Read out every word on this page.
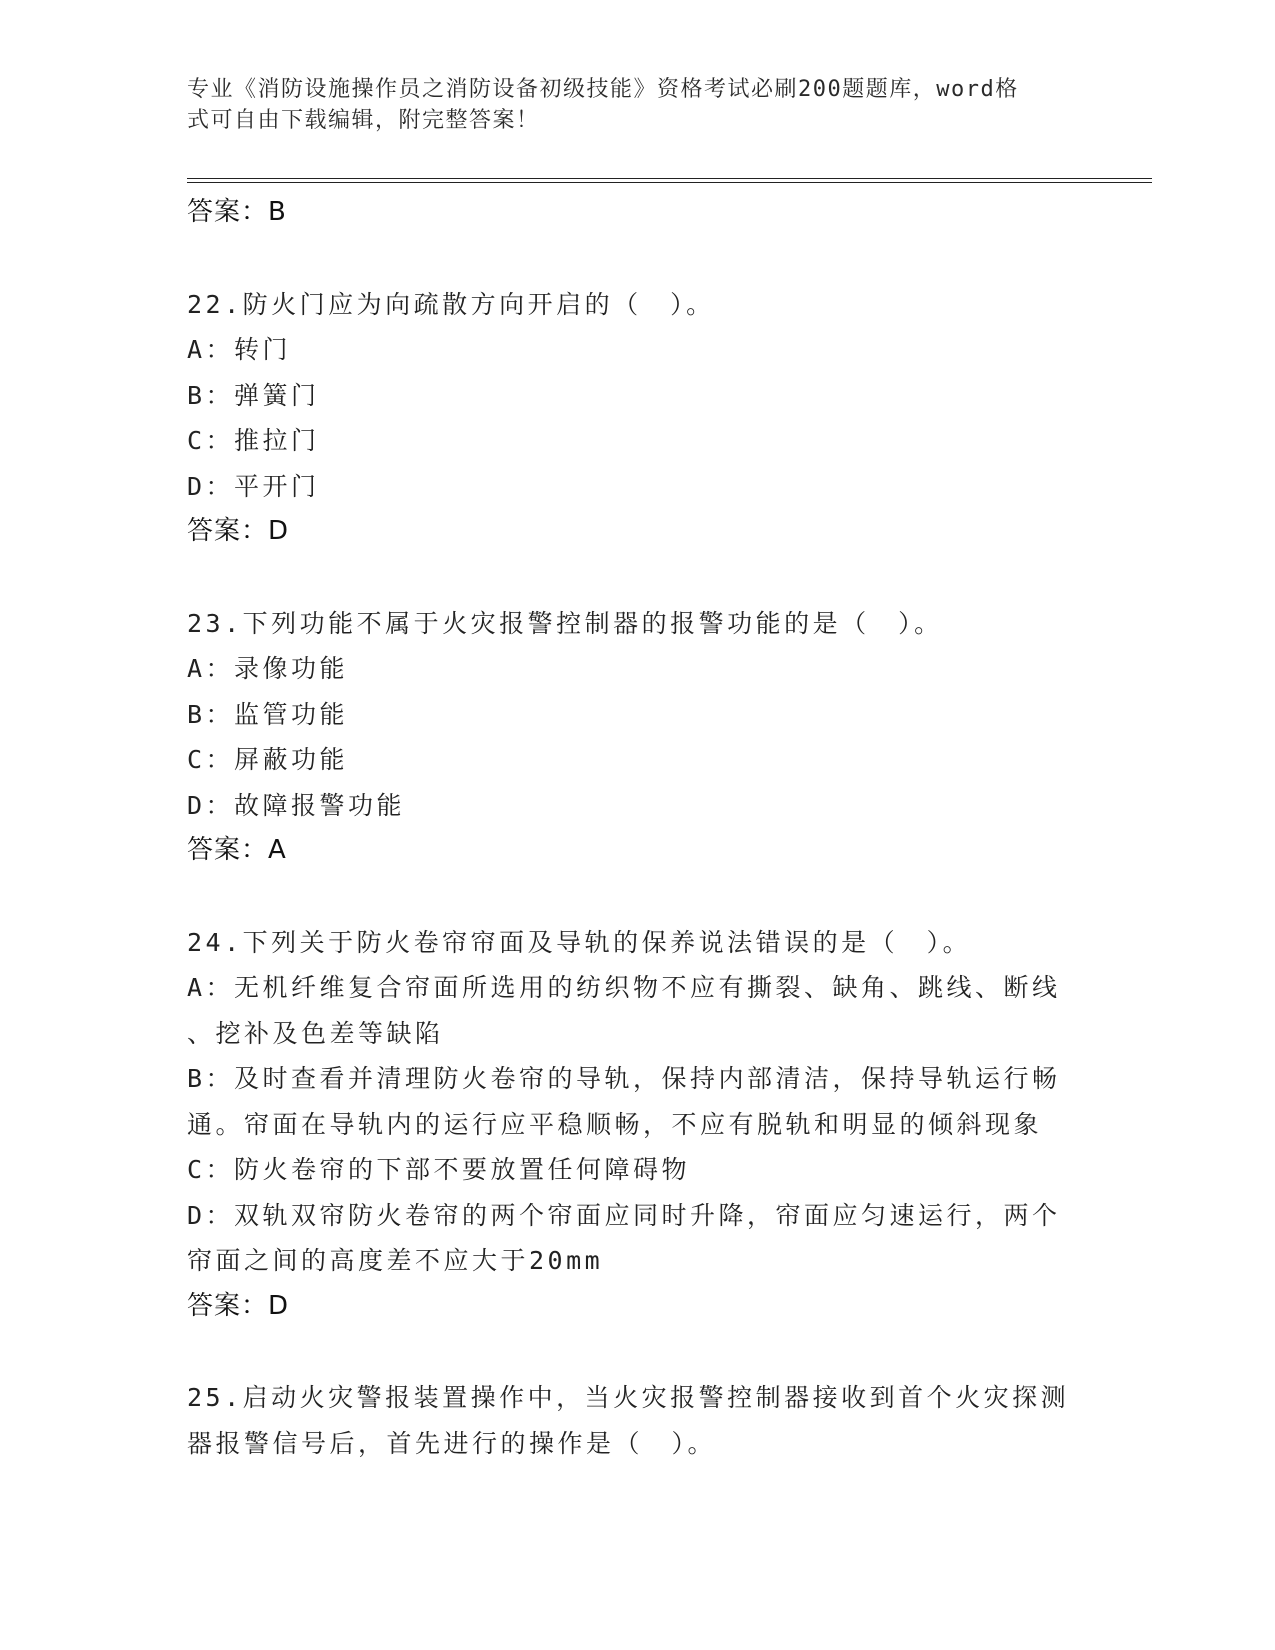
专业《消防设施操作员之消防设备初级技能》资格考试必刷200题题库，word格
式可自由下载编辑，附完整答案！
答案：B
22.防火门应为向疏散方向开启的（　）。
A：转门
B：弹簧门
C：推拉门
D：平开门
答案：D
23.下列功能不属于火灾报警控制器的报警功能的是（　）。
A：录像功能
B：监管功能
C：屏蔽功能
D：故障报警功能
答案：A
24.下列关于防火卷帘帘面及导轨的保养说法错误的是（　）。
A：无机纤维复合帘面所选用的纺织物不应有撕裂、缺角、跳线、断线
、挖补及色差等缺陷
B：及时查看并清理防火卷帘的导轨，保持内部清洁，保持导轨运行畅
通。帘面在导轨内的运行应平稳顺畅，不应有脱轨和明显的倾斜现象
C：防火卷帘的下部不要放置任何障碍物
D：双轨双帘防火卷帘的两个帘面应同时升降，帘面应匀速运行，两个
帘面之间的高度差不应大于20mm
答案：D
25.启动火灾警报装置操作中，当火灾报警控制器接收到首个火灾探测
器报警信号后，首先进行的操作是（　）。
